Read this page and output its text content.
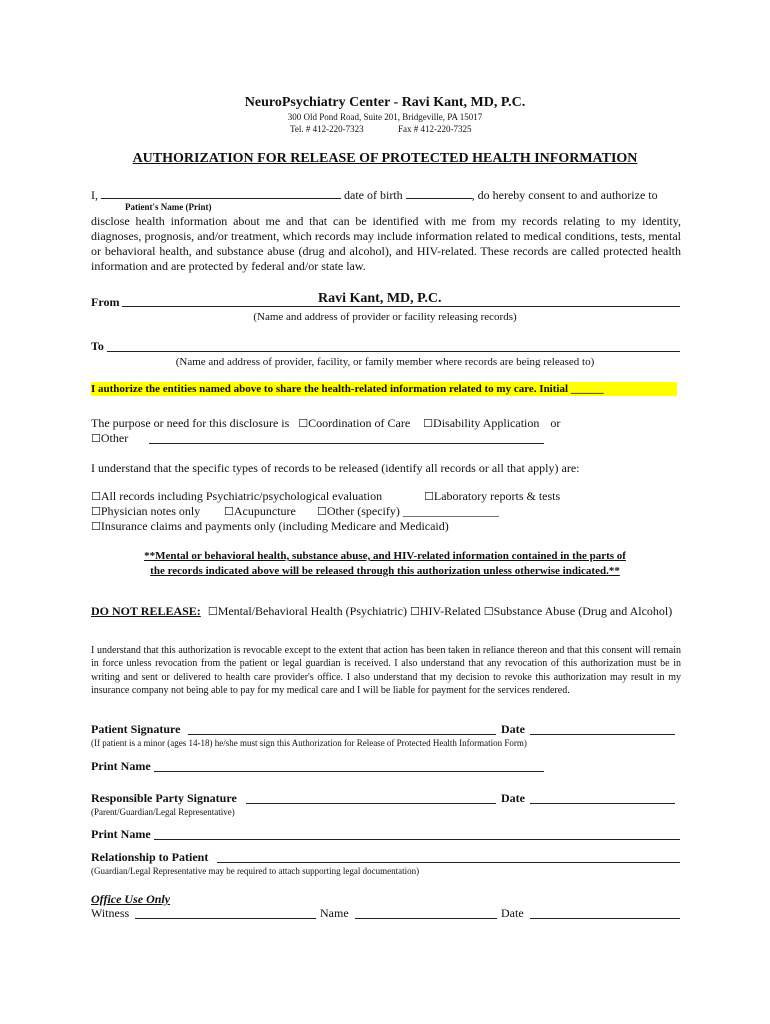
NeuroPsychiatry Center - Ravi Kant, MD, P.C.
300 Old Pond Road, Suite 201, Bridgeville, PA 15017
Tel. # 412-220-7323	Fax # 412-220-7325
AUTHORIZATION FOR RELEASE OF PROTECTED HEALTH INFORMATION
I,	date of birth	, do hereby consent to and authorize to
Patient's Name (Print)
disclose health information about me and that can be identified with me from my records relating to my identity, diagnoses, prognosis, and/or treatment, which records may include information related to medical conditions, tests, mental or behavioral health, and substance abuse (drug and alcohol), and HIV-related. These records are called protected health information and are protected by federal and/or state law.
From	Ravi Kant, MD, P.C.
(Name and address of provider or facility releasing records)
To
(Name and address of provider, facility, or family member where records are being released to)
I authorize the entities named above to share the health-related information related to my care. Initial ______
The purpose or need for this disclosure is ☐Coordination of Care ☐Disability Application or
☐Other
I understand that the specific types of records to be released (identify all records or all that apply) are:
☐All records including Psychiatric/psychological evaluation	☐Laboratory reports & tests
☐Physician notes only ☐Acupuncture ☐Other (specify) ________________
☐Insurance claims and payments only (including Medicare and Medicaid)
**Mental or behavioral health, substance abuse, and HIV-related information contained in the parts of
the records indicated above will be released through this authorization unless otherwise indicated.**
DO NOT RELEASE: ☐Mental/Behavioral Health (Psychiatric) ☐HIV-Related ☐Substance Abuse (Drug and Alcohol)
I understand that this authorization is revocable except to the extent that action has been taken in reliance thereon and that this consent will remain in force unless revocation from the patient or legal guardian is received. I also understand that any revocation of this authorization must be in writing and sent or delivered to health care provider's office. I also understand that my decision to revoke this authorization may result in my insurance company not being able to pay for my medical care and I will be liable for payment for the services rendered.
Patient Signature	Date
(If patient is a minor (ages 14-18) he/she must sign this Authorization for Release of Protected Health Information Form)
Print Name
Responsible Party Signature	Date
(Parent/Guardian/Legal Representative)
Print Name
Relationship to Patient
(Guardian/Legal Representative may be required to attach supporting legal documentation)
Office Use Only
Witness	Name	Date
